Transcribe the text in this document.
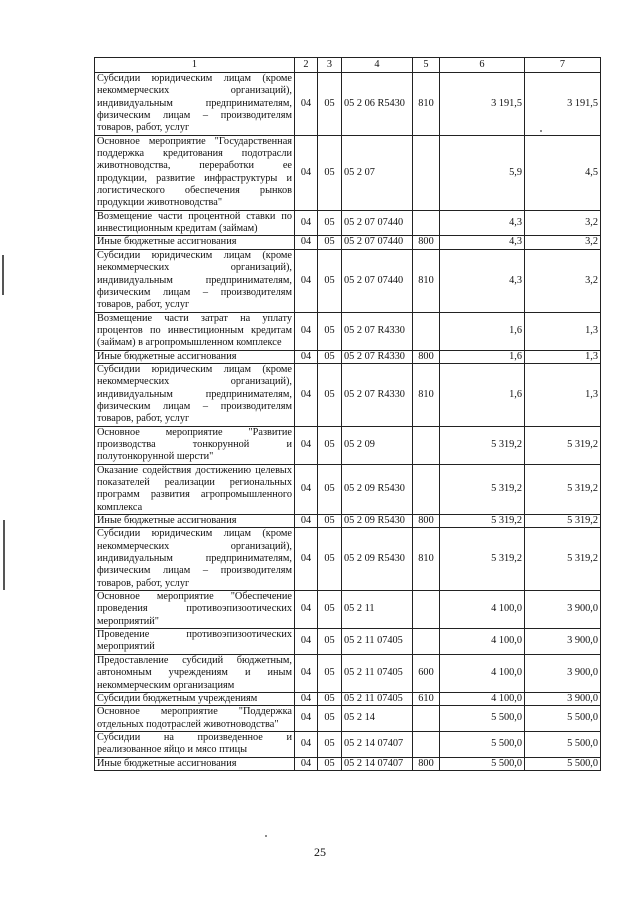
1	2	3	4	5	6	7
Субсидии юридическим лицам (кроме некоммерческих организаций), индивидуальным предпринимателям, физическим лицам – производителям товаров, работ, услуг	04	05	05 2 06 R5430	810	3 191,5	3 191,5
Основное мероприятие "Государственная поддержка кредитования подотрасли животноводства, переработки ее продукции, развитие инфраструктуры и логистического обеспечения рынков продукции животноводства"	04	05	05 2 07		5,9	4,5
Возмещение части процентной ставки по инвестиционным кредитам (займам)	04	05	05 2 07 07440		4,3	3,2
Иные бюджетные ассигнования	04	05	05 2 07 07440	800	4,3	3,2
Субсидии юридическим лицам (кроме некоммерческих организаций), индивидуальным предпринимателям, физическим лицам – производителям товаров, работ, услуг	04	05	05 2 07 07440	810	4,3	3,2
Возмещение части затрат на уплату процентов по инвестиционным кредитам (займам) в агропромышленном комплексе	04	05	05 2 07 R4330		1,6	1,3
Иные бюджетные ассигнования	04	05	05 2 07 R4330	800	1,6	1,3
Субсидии юридическим лицам (кроме некоммерческих организаций), индивидуальным предпринимателям, физическим лицам – производителям товаров, работ, услуг	04	05	05 2 07 R4330	810	1,6	1,3
Основное мероприятие "Развитие производства тонкорунной и полутонкорунной шерсти"	04	05	05 2 09		5 319,2	5 319,2
Оказание содействия достижению целевых показателей реализации региональных программ развития агропромышленного комплекса	04	05	05 2 09 R5430		5 319,2	5 319,2
Иные бюджетные ассигнования	04	05	05 2 09 R5430	800	5 319,2	5 319,2
Субсидии юридическим лицам (кроме некоммерческих организаций), индивидуальным предпринимателям, физическим лицам – производителям товаров, работ, услуг	04	05	05 2 09 R5430	810	5 319,2	5 319,2
Основное мероприятие "Обеспечение проведения противоэпизоотических мероприятий"	04	05	05 2 11		4 100,0	3 900,0
Проведение противоэпизоотических мероприятий	04	05	05 2 11 07405		4 100,0	3 900,0
Предоставление субсидий бюджетным, автономным учреждениям и иным некоммерческим организациям	04	05	05 2 11 07405	600	4 100,0	3 900,0
Субсидии бюджетным учреждениям	04	05	05 2 11 07405	610	4 100,0	3 900,0
Основное мероприятие "Поддержка отдельных подотраслей животноводства"	04	05	05 2 14		5 500,0	5 500,0
Субсидии на произведенное и реализованное яйцо и мясо птицы	04	05	05 2 14 07407		5 500,0	5 500,0
Иные бюджетные ассигнования	04	05	05 2 14 07407	800	5 500,0	5 500,0
25
